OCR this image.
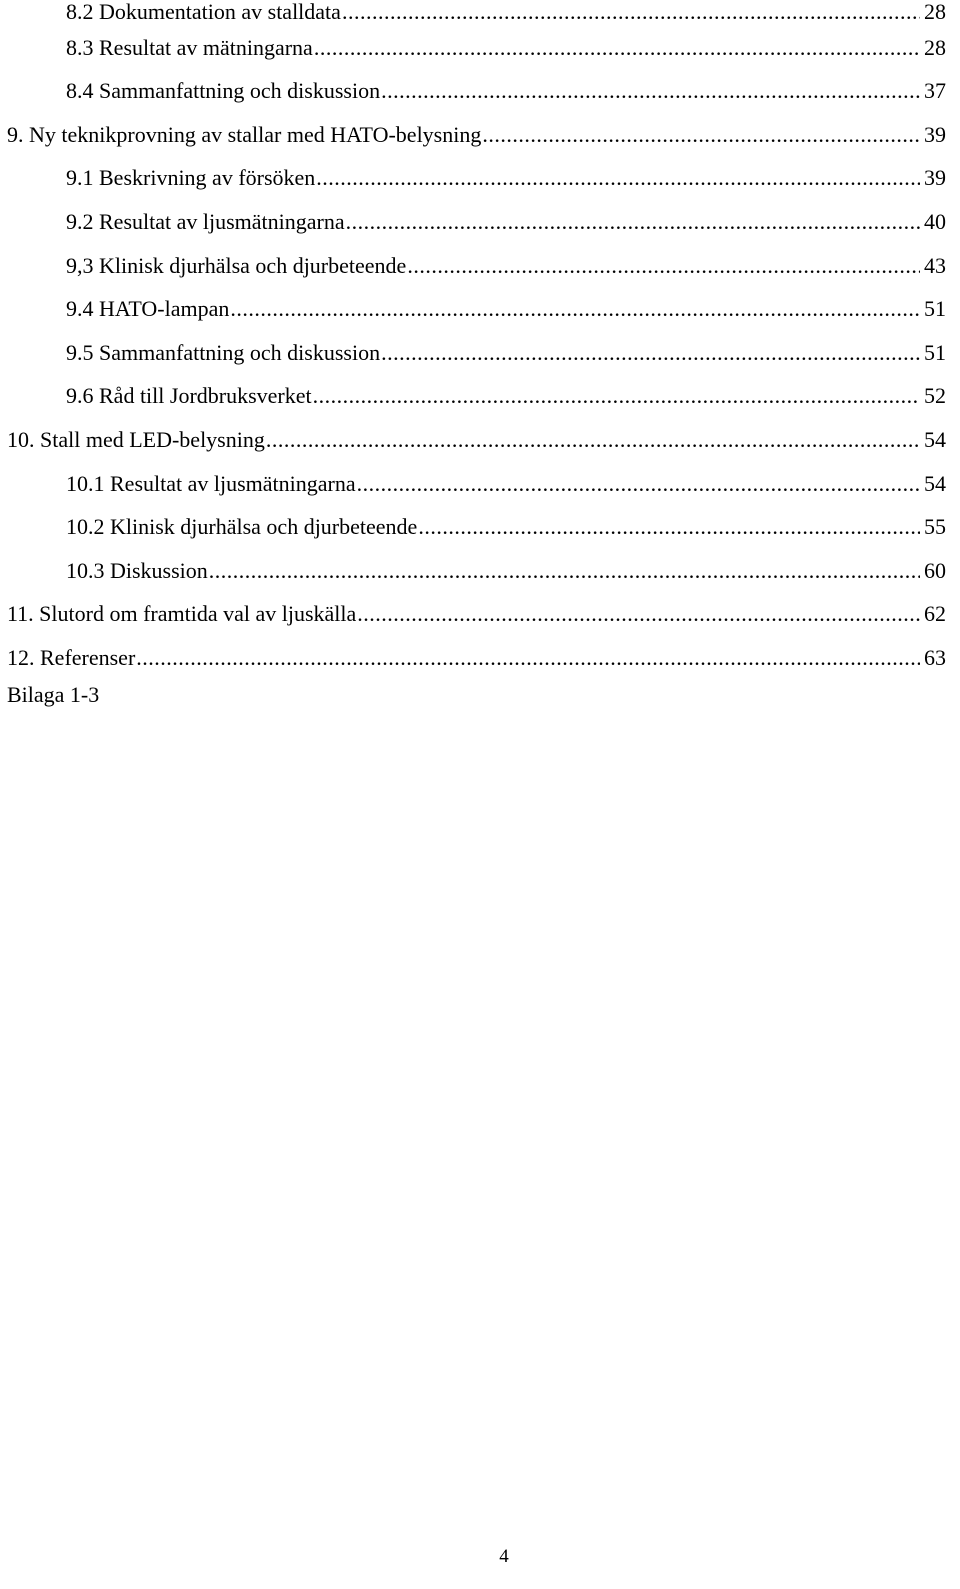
8.2 Dokumentation av stalldata .....	28
8.3 Resultat av mätningarna .....	28
8.4 Sammanfattning och diskussion .....	37
9. Ny teknikprovning av stallar med HATO-belysning .....	39
9.1 Beskrivning av försöken .....	39
9.2 Resultat av ljusmätningarna .....	40
9,3 Klinisk djurhälsa och djurbeteende .....	43
9.4 HATO-lampan .....	51
9.5 Sammanfattning och diskussion .....	51
9.6 Råd till Jordbruksverket .....	52
10. Stall med LED-belysning .....	54
10.1 Resultat av ljusmätningarna .....	54
10.2 Klinisk djurhälsa och djurbeteende .....	55
10.3 Diskussion .....	60
11. Slutord om framtida val av ljuskälla .....	62
12. Referenser .....	63
Bilaga 1-3
4
